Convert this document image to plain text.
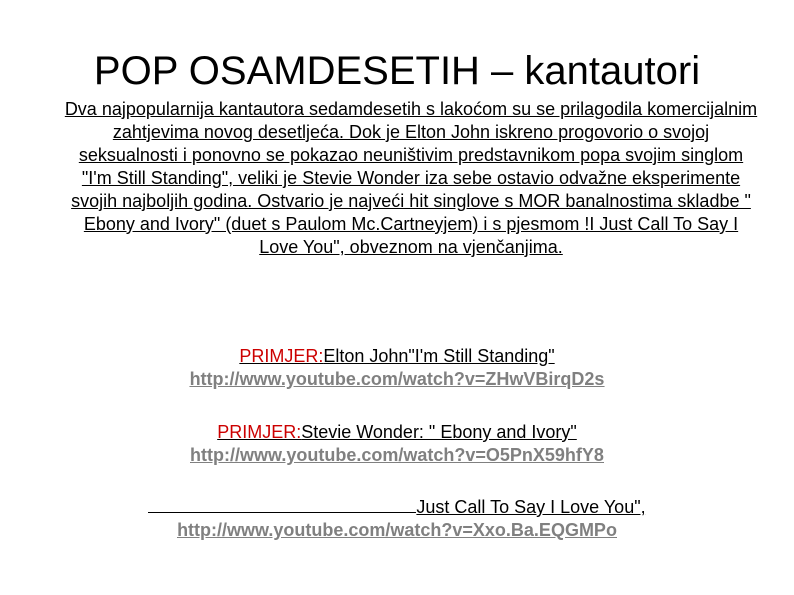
POP OSAMDESETIH – kantautori

Dva najpopularnija kantautora sedamdesetih s lakoćom su se prilagodila komercijalnim zahtjevima novog desetljeća. Dok je Elton John iskreno progovorio o svojoj seksualnosti i ponovno se pokazao neuništivim predstavnikom popa svojim singlom "I'm Still Standing", veliki je Stevie Wonder iza sebe ostavio odvažne eksperimente svojih najboljih godina. Ostvario je najveći hit singlove s MOR banalnostima skladbe " Ebony and Ivory" (duet s Paulom Mc.Cartneyjem) i s pjesmom !I Just Call To Say I Love You", obveznom na vjenčanjima.

PRIMJER:Elton John"I'm Still Standing"
http://www.youtube.com/watch?v=ZHwVBirqD2s
PRIMJER:Stevie Wonder: " Ebony and Ivory"
http://www.youtube.com/watch?v=O5PnX59hfY8
Just Call To Say I Love You",
http://www.youtube.com/watch?v=Xxo.Ba.EQGMPo
